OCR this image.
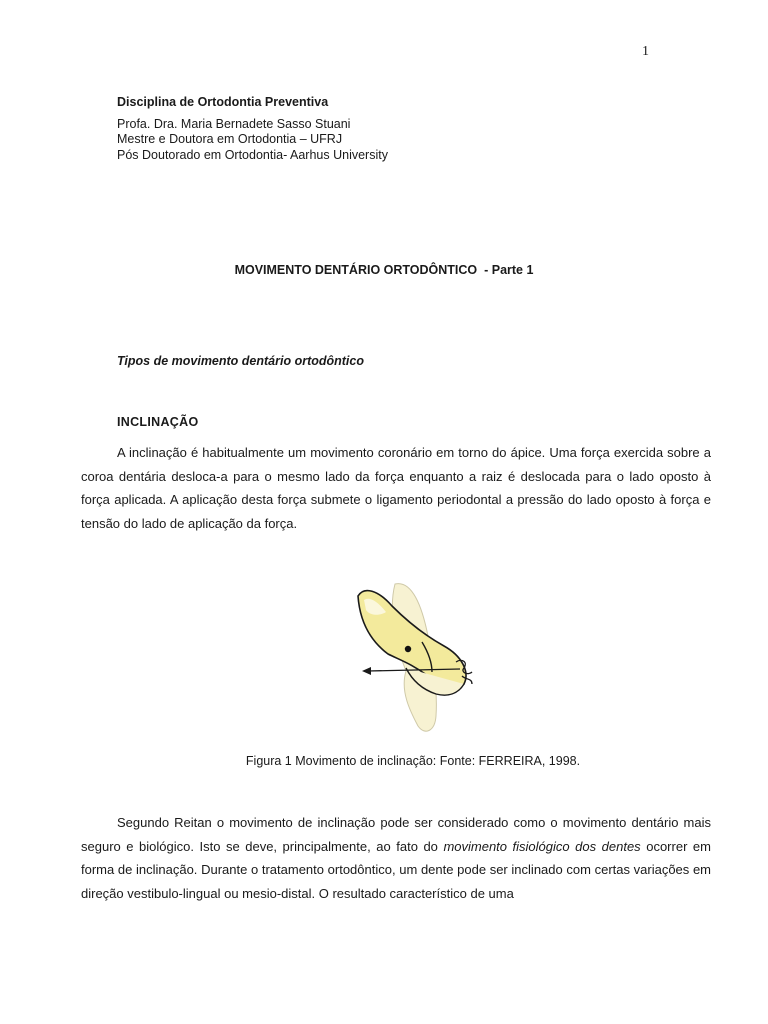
1
Disciplina de Ortodontia Preventiva
Profa. Dra. Maria Bernadete Sasso Stuani
Mestre e Doutora em Ortodontia – UFRJ
Pós Doutorado em Ortodontia- Aarhus University
MOVIMENTO DENTÁRIO ORTODÔNTICO  - Parte 1
Tipos de movimento dentário ortodôntico
INCLINAÇÃO
A inclinação é habitualmente um movimento coronário em torno do ápice. Uma força exercida sobre a coroa dentária desloca-a para o mesmo lado da força enquanto a raiz é deslocada para o lado oposto à força aplicada. A aplicação desta força submete o ligamento periodontal a pressão do lado oposto à força e tensão do lado de aplicação da força.
Figura 1 Movimento de inclinação: Fonte: FERREIRA, 1998.
Segundo Reitan o movimento de inclinação pode ser considerado como o movimento dentário mais seguro e biológico. Isto se deve, principalmente, ao fato do movimento fisiológico dos dentes ocorrer em forma de inclinação. Durante o tratamento ortodôntico, um dente pode ser inclinado com certas variações em direção vestibulo-lingual ou mesio-distal. O resultado característico de uma
